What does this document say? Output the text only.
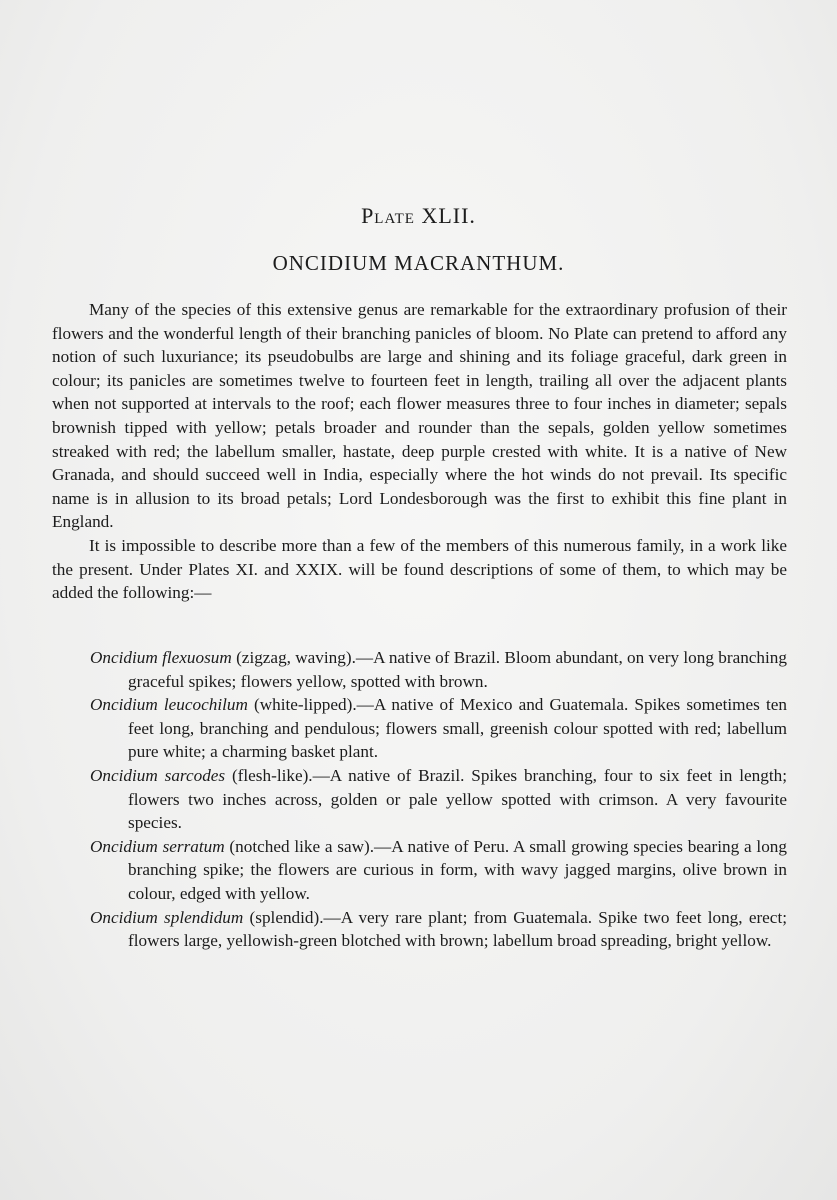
Plate XLII.
ONCIDIUM MACRANTHUM.

Many of the species of this extensive genus are remarkable for the extraordinary profusion of their flowers and the wonderful length of their branching panicles of bloom. No Plate can pretend to afford any notion of such luxuriance; its pseudobulbs are large and shining and its foliage graceful, dark green in colour; its panicles are sometimes twelve to fourteen feet in length, trailing all over the adjacent plants when not supported at intervals to the roof; each flower measures three to four inches in diameter; sepals brownish tipped with yellow; petals broader and rounder than the sepals, golden yellow sometimes streaked with red; the labellum smaller, hastate, deep purple crested with white. It is a native of New Granada, and should succeed well in India, especially where the hot winds do not prevail. Its specific name is in allusion to its broad petals; Lord Londesborough was the first to exhibit this fine plant in England.

It is impossible to describe more than a few of the members of this numerous family, in a work like the present. Under Plates XI. and XXIX. will be found descriptions of some of them, to which may be added the following:—

Oncidium flexuosum (zigzag, waving).—A native of Brazil. Bloom abundant, on very long branching graceful spikes; flowers yellow, spotted with brown.
Oncidium leucochilum (white-lipped).—A native of Mexico and Guatemala. Spikes sometimes ten feet long, branching and pendulous; flowers small, greenish colour spotted with red; labellum pure white; a charming basket plant.
Oncidium sarcodes (flesh-like).—A native of Brazil. Spikes branching, four to six feet in length; flowers two inches across, golden or pale yellow spotted with crimson. A very favourite species.
Oncidium serratum (notched like a saw).—A native of Peru. A small growing species bearing a long branching spike; the flowers are curious in form, with wavy jagged margins, olive brown in colour, edged with yellow.
Oncidium splendidum (splendid).—A very rare plant; from Guatemala. Spike two feet long, erect; flowers large, yellowish-green blotched with brown; labellum broad spreading, bright yellow.
